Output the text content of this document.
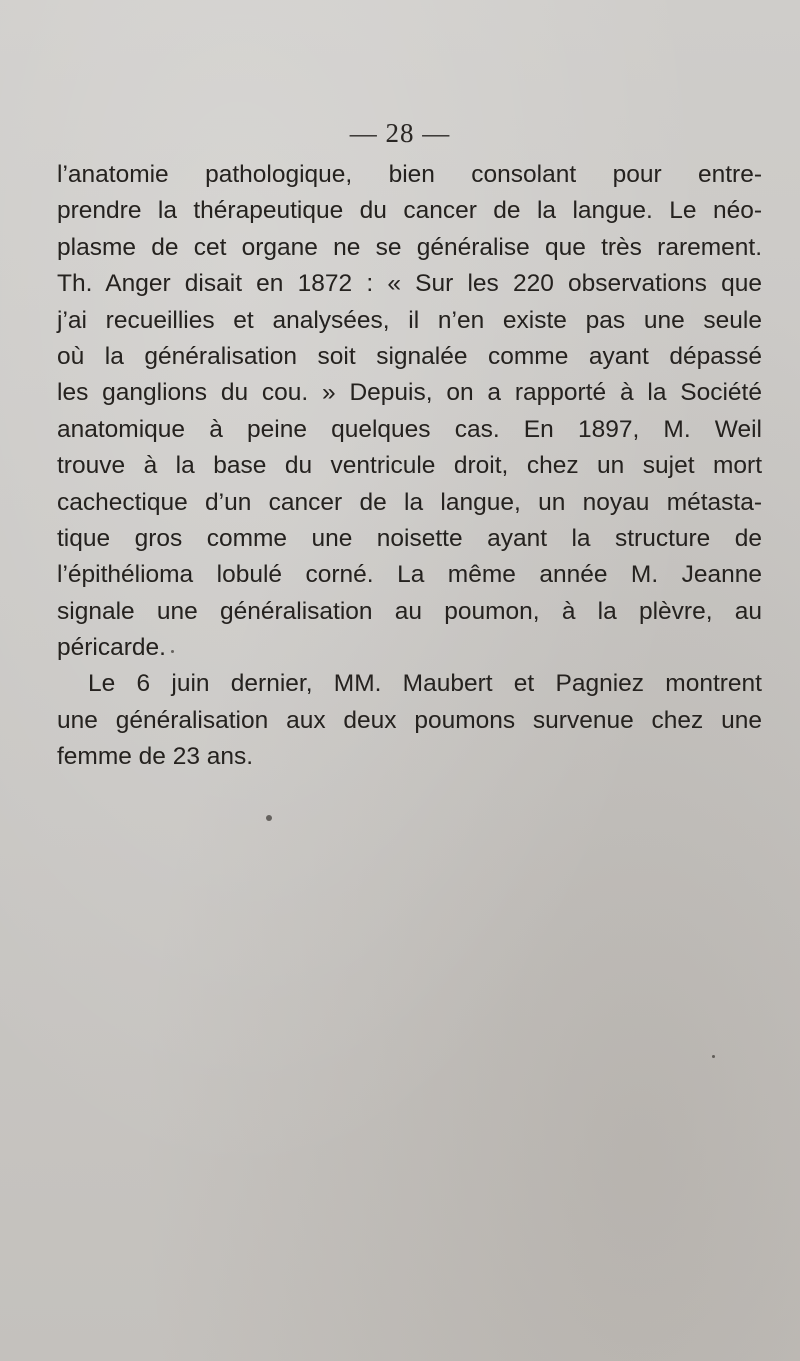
— 28 —
l’anatomie pathologique, bien consolant pour entre-
prendre la thérapeutique du cancer de la langue. Le néo-
plasme de cet organe ne se généralise que très rarement.
Th. Anger disait en 1872 : « Sur les 220 observations que
j’ai recueillies et analysées, il n’en existe pas une seule
où la généralisation soit signalée comme ayant dépassé
les ganglions du cou. » Depuis, on a rapporté à la Société
anatomique à peine quelques cas. En 1897, M. Weil
trouve à la base du ventricule droit, chez un sujet mort
cachectique d’un cancer de la langue, un noyau métasta-
tique gros comme une noisette ayant la structure de
l’épithélioma lobulé corné. La même année M. Jeanne
signale une généralisation au poumon, à la plèvre, au
péricarde.
Le 6 juin dernier, MM. Maubert et Pagniez montrent
une généralisation aux deux poumons survenue chez une
femme de 23 ans.
